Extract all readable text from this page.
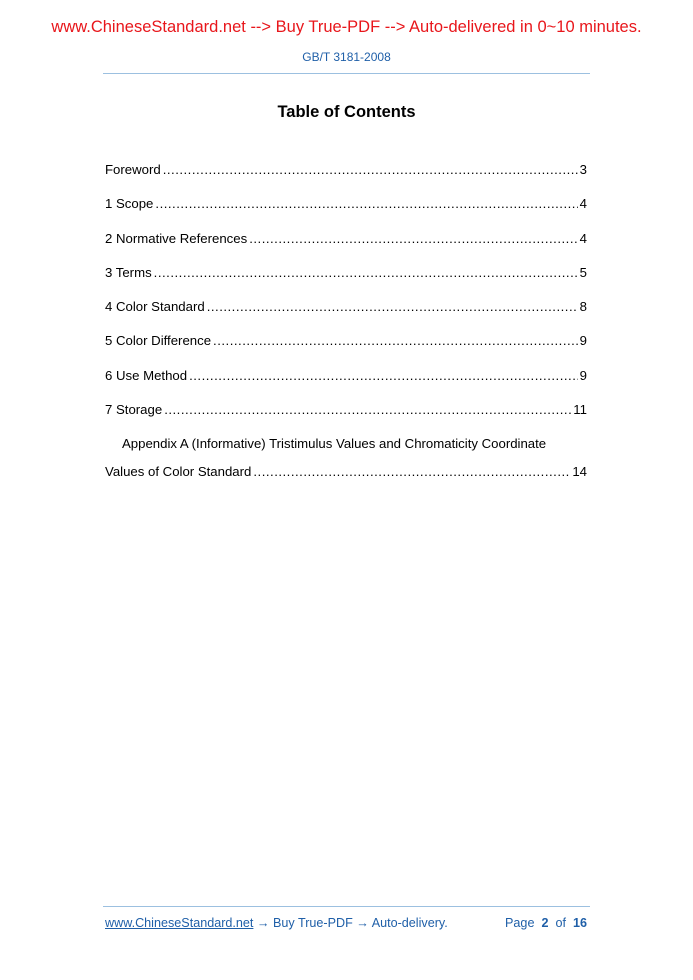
www.ChineseStandard.net --> Buy True-PDF --> Auto-delivered in 0~10 minutes.
GB/T 3181-2008
Table of Contents
Foreword .....	3
1 Scope .....	4
2 Normative References .....	4
3 Terms .....	5
4 Color Standard .....	8
5 Color Difference .....	9
6 Use Method .....	9
7 Storage .....	11
Appendix A (Informative) Tristimulus Values and Chromaticity Coordinate
Values of Color Standard .....	14
www.ChineseStandard.net → Buy True-PDF → Auto-delivery.	Page 2 of 16
